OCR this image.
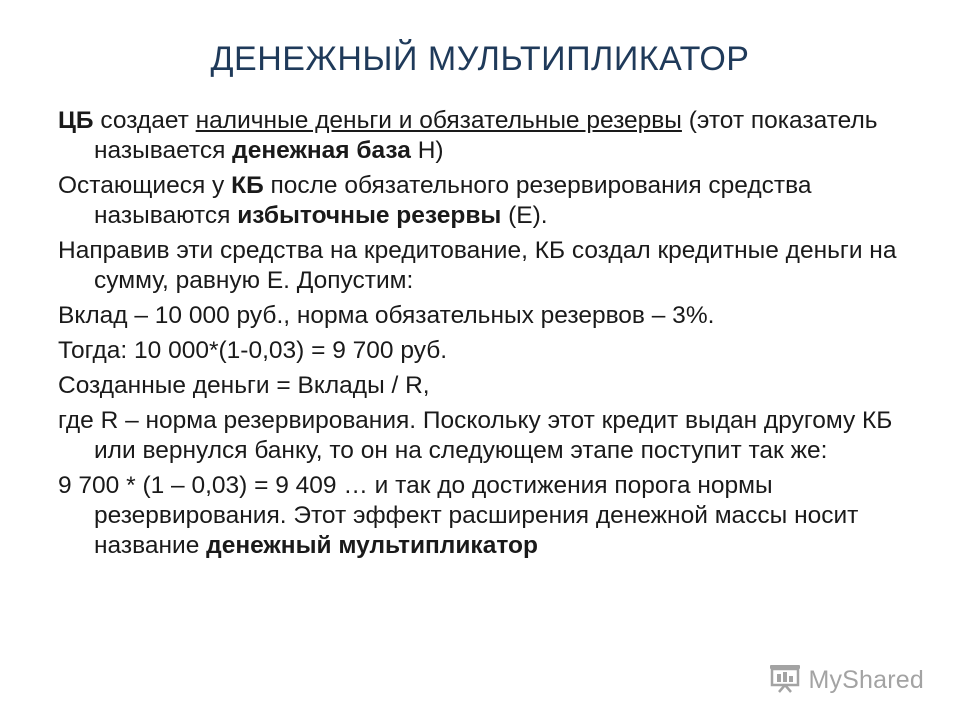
ДЕНЕЖНЫЙ МУЛЬТИПЛИКАТОР

ЦБ создает наличные деньги и обязательные резервы (этот показатель называется денежная база Н)

Остающиеся у КБ после обязательного резервирования средства называются избыточные резервы (Е).

Направив эти средства на кредитование, КБ создал кредитные деньги на сумму, равную Е. Допустим:

Вклад – 10 000 руб., норма обязательных резервов – 3%.

Тогда: 10 000*(1-0,03) = 9 700 руб.

Созданные деньги = Вклады / R,

где R – норма резервирования. Поскольку этот кредит выдан другому КБ или вернулся банку, то он на следующем этапе поступит так же:

9 700 * (1 – 0,03) = 9 409 … и так до достижения порога нормы резервирования. Этот эффект расширения денежной массы носит название денежный мультипликатор

MyShared
